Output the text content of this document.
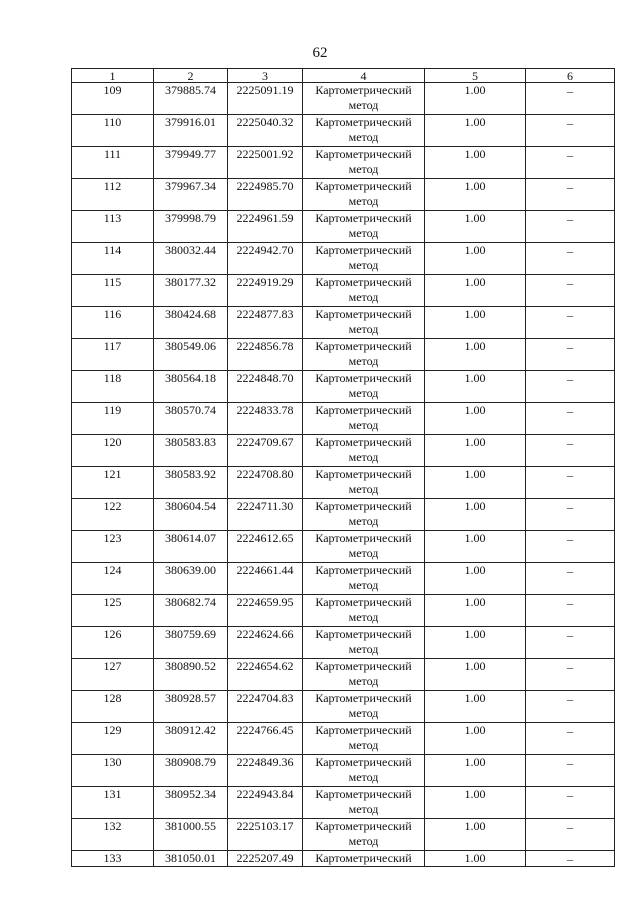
62
1	2	3	4	5	6
109	379885.74	2225091.19	Картометрический метод	1.00	–
110	379916.01	2225040.32	Картометрический метод	1.00	–
111	379949.77	2225001.92	Картометрический метод	1.00	–
112	379967.34	2224985.70	Картометрический метод	1.00	–
113	379998.79	2224961.59	Картометрический метод	1.00	–
114	380032.44	2224942.70	Картометрический метод	1.00	–
115	380177.32	2224919.29	Картометрический метод	1.00	–
116	380424.68	2224877.83	Картометрический метод	1.00	–
117	380549.06	2224856.78	Картометрический метод	1.00	–
118	380564.18	2224848.70	Картометрический метод	1.00	–
119	380570.74	2224833.78	Картометрический метод	1.00	–
120	380583.83	2224709.67	Картометрический метод	1.00	–
121	380583.92	2224708.80	Картометрический метод	1.00	–
122	380604.54	2224711.30	Картометрический метод	1.00	–
123	380614.07	2224612.65	Картометрический метод	1.00	–
124	380639.00	2224661.44	Картометрический метод	1.00	–
125	380682.74	2224659.95	Картометрический метод	1.00	–
126	380759.69	2224624.66	Картометрический метод	1.00	–
127	380890.52	2224654.62	Картометрический метод	1.00	–
128	380928.57	2224704.83	Картометрический метод	1.00	–
129	380912.42	2224766.45	Картометрический метод	1.00	–
130	380908.79	2224849.36	Картометрический метод	1.00	–
131	380952.34	2224943.84	Картометрический метод	1.00	–
132	381000.55	2225103.17	Картометрический метод	1.00	–
133	381050.01	2225207.49	Картометрический	1.00	–
